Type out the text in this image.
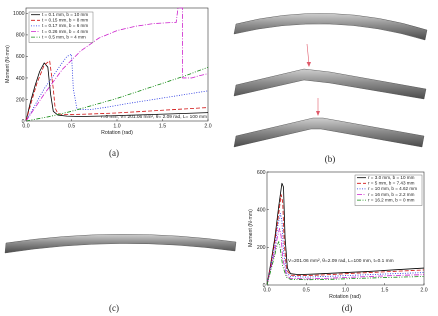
0
200
400
600
800
1000
0.0	0.5	1.0	1.5	2.0
Moment (N·mm)
Rotation (rad)
t = 0.1 mm, b = 10 mm
t = 0.15 mm, b = 8 mm
t = 0.17 mm, b = 6 mm
t = 0.26 mm, b = 4 mm
t = 0.5 mm, b = 4 mm
r=0 mm, V= 201.06 mm², θ= 2.09 rad, L= 100 mm
(a)
(b)
(c)
0
200
400
600
0.0	0.5	1.0	1.5	2.0
Moment (N·mm)
Rotation (rad)
r = 3.0 mm, b = 10 mm
r = 5 mm, b = 7.43 mm
r = 10 mm, b = 4.62 mm
r = 16 mm, b = 2.2 mm
r = 16.2 mm, b = 0 mm
V=201.06 mm², θ=2.09 rad, L=100 mm, t=0.1 mm
(d)
